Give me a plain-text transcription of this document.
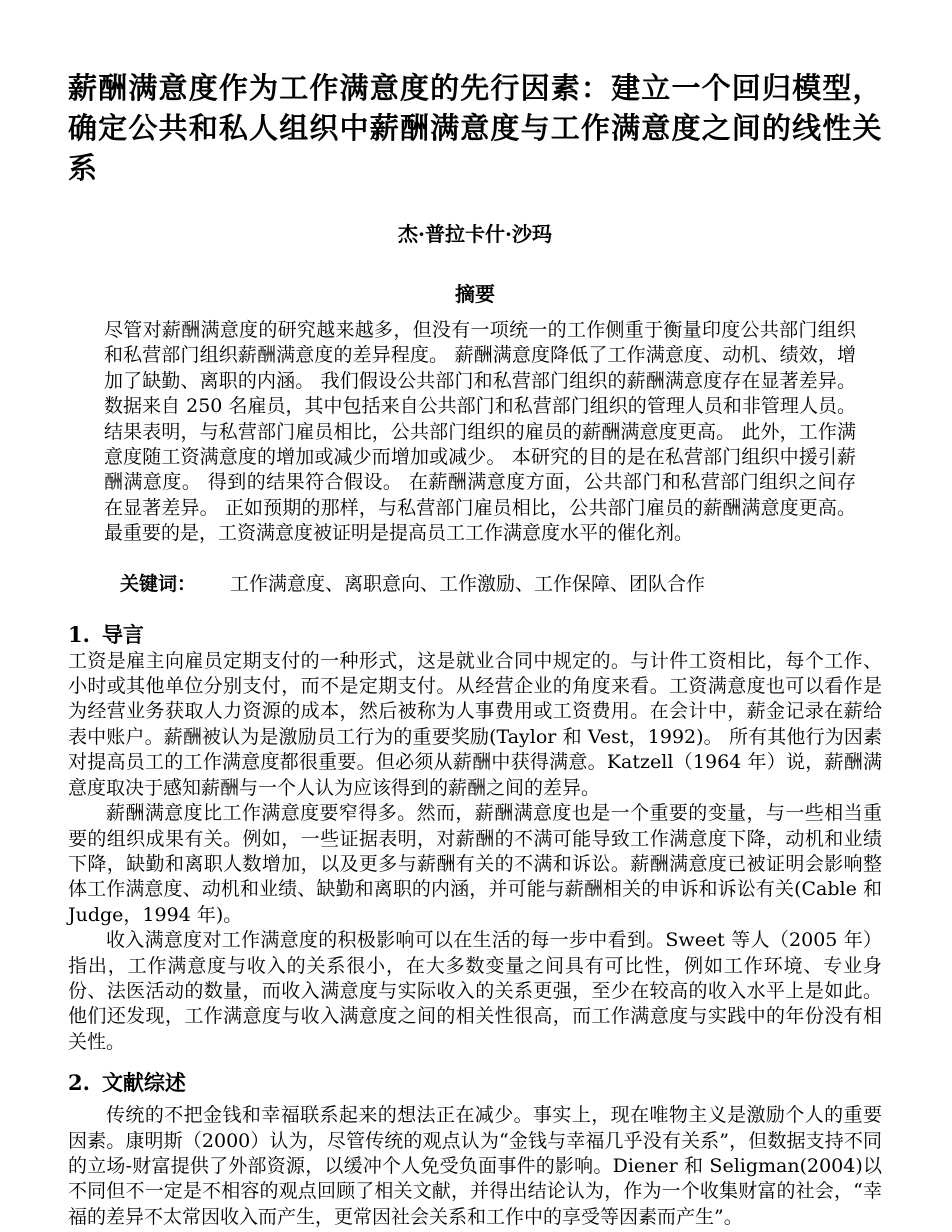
薪酬满意度作为工作满意度的先行因素：建立一个回归模型，确定公共和私人组织中薪酬满意度与工作满意度之间的线性关系
杰·普拉卡什·沙玛
摘要

尽管对薪酬满意度的研究越来越多，但没有一项统一的工作侧重于衡量印度公共部门组织和私营部门组织薪酬满意度的差异程度。 薪酬满意度降低了工作满意度、动机、绩效，增加了缺勤、离职的内涵。 我们假设公共部门和私营部门组织的薪酬满意度存在显著差异。 数据来自 250 名雇员，其中包括来自公共部门和私营部门组织的管理人员和非管理人员。 结果表明，与私营部门雇员相比，公共部门组织的雇员的薪酬满意度更高。 此外，工作满意度随工资满意度的增加或减少而增加或减少。 本研究的目的是在私营部门组织中援引薪酬满意度。 得到的结果符合假设。 在薪酬满意度方面，公共部门和私营部门组织之间存在显著差异。 正如预期的那样，与私营部门雇员相比，公共部门雇员的薪酬满意度更高。 最重要的是，工资满意度被证明是提高员工工作满意度水平的催化剂。

关键词： 工作满意度、离职意向、工作激励、工作保障、团队合作

1. 导言

工资是雇主向雇员定期支付的一种形式，这是就业合同中规定的。与计件工资相比，每个工作、小时或其他单位分别支付，而不是定期支付。从经营企业的角度来看。工资满意度也可以看作是为经营业务获取人力资源的成本，然后被称为人事费用或工资费用。在会计中，薪金记录在薪给表中账户。薪酬被认为是激励员工行为的重要奖励(Taylor 和 Vest，1992)。 所有其他行为因素对提高员工的工作满意度都很重要。但必须从薪酬中获得满意。Katzell（1964 年）说，薪酬满意度取决于感知薪酬与一个人认为应该得到的薪酬之间的差异。

薪酬满意度比工作满意度要窄得多。然而，薪酬满意度也是一个重要的变量，与一些相当重要的组织成果有关。例如，一些证据表明，对薪酬的不满可能导致工作满意度下降，动机和业绩下降，缺勤和离职人数增加，以及更多与薪酬有关的不满和诉讼。薪酬满意度已被证明会影响整体工作满意度、动机和业绩、缺勤和离职的内涵，并可能与薪酬相关的申诉和诉讼有关(Cable 和 Judge，1994 年)。

收入满意度对工作满意度的积极影响可以在生活的每一步中看到。Sweet 等人（2005 年）指出，工作满意度与收入的关系很小，在大多数变量之间具有可比性，例如工作环境、专业身份、法医活动的数量，而收入满意度与实际收入的关系更强，至少在较高的收入水平上是如此。他们还发现，工作满意度与收入满意度之间的相关性很高，而工作满意度与实践中的年份没有相关性。

2. 文献综述

传统的不把金钱和幸福联系起来的想法正在减少。事实上，现在唯物主义是激励个人的重要因素。康明斯（2000）认为，尽管传统的观点认为“金钱与幸福几乎没有关系”，但数据支持不同的立场-财富提供了外部资源，以缓冲个人免受负面事件的影响。Diener 和 Seligman(2004)以不同但不一定是不相容的观点回顾了相关文献，并得出结论认为，作为一个收集财富的社会，“幸福的差异不太常因收入而产生，更常因社会关系和工作中的享受等因素而产生”。
